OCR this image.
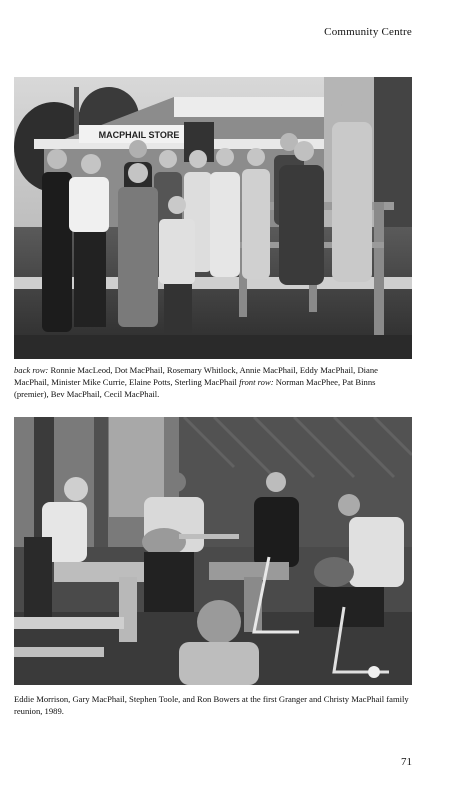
Community Centre
MACPHAIL STORE
back row: Ronnie MacLeod, Dot MacPhail, Rosemary Whitlock, Annie MacPhail, Eddy MacPhail, Diane MacPhail, Minister Mike Currie, Elaine Potts, Sterling MacPhail front row: Norman MacPhee, Pat Binns (premier), Bev MacPhail, Cecil MacPhail.
Eddie Morrison, Gary MacPhail, Stephen Toole, and Ron Bowers at the first Granger and Christy MacPhail family reunion, 1989.
71
